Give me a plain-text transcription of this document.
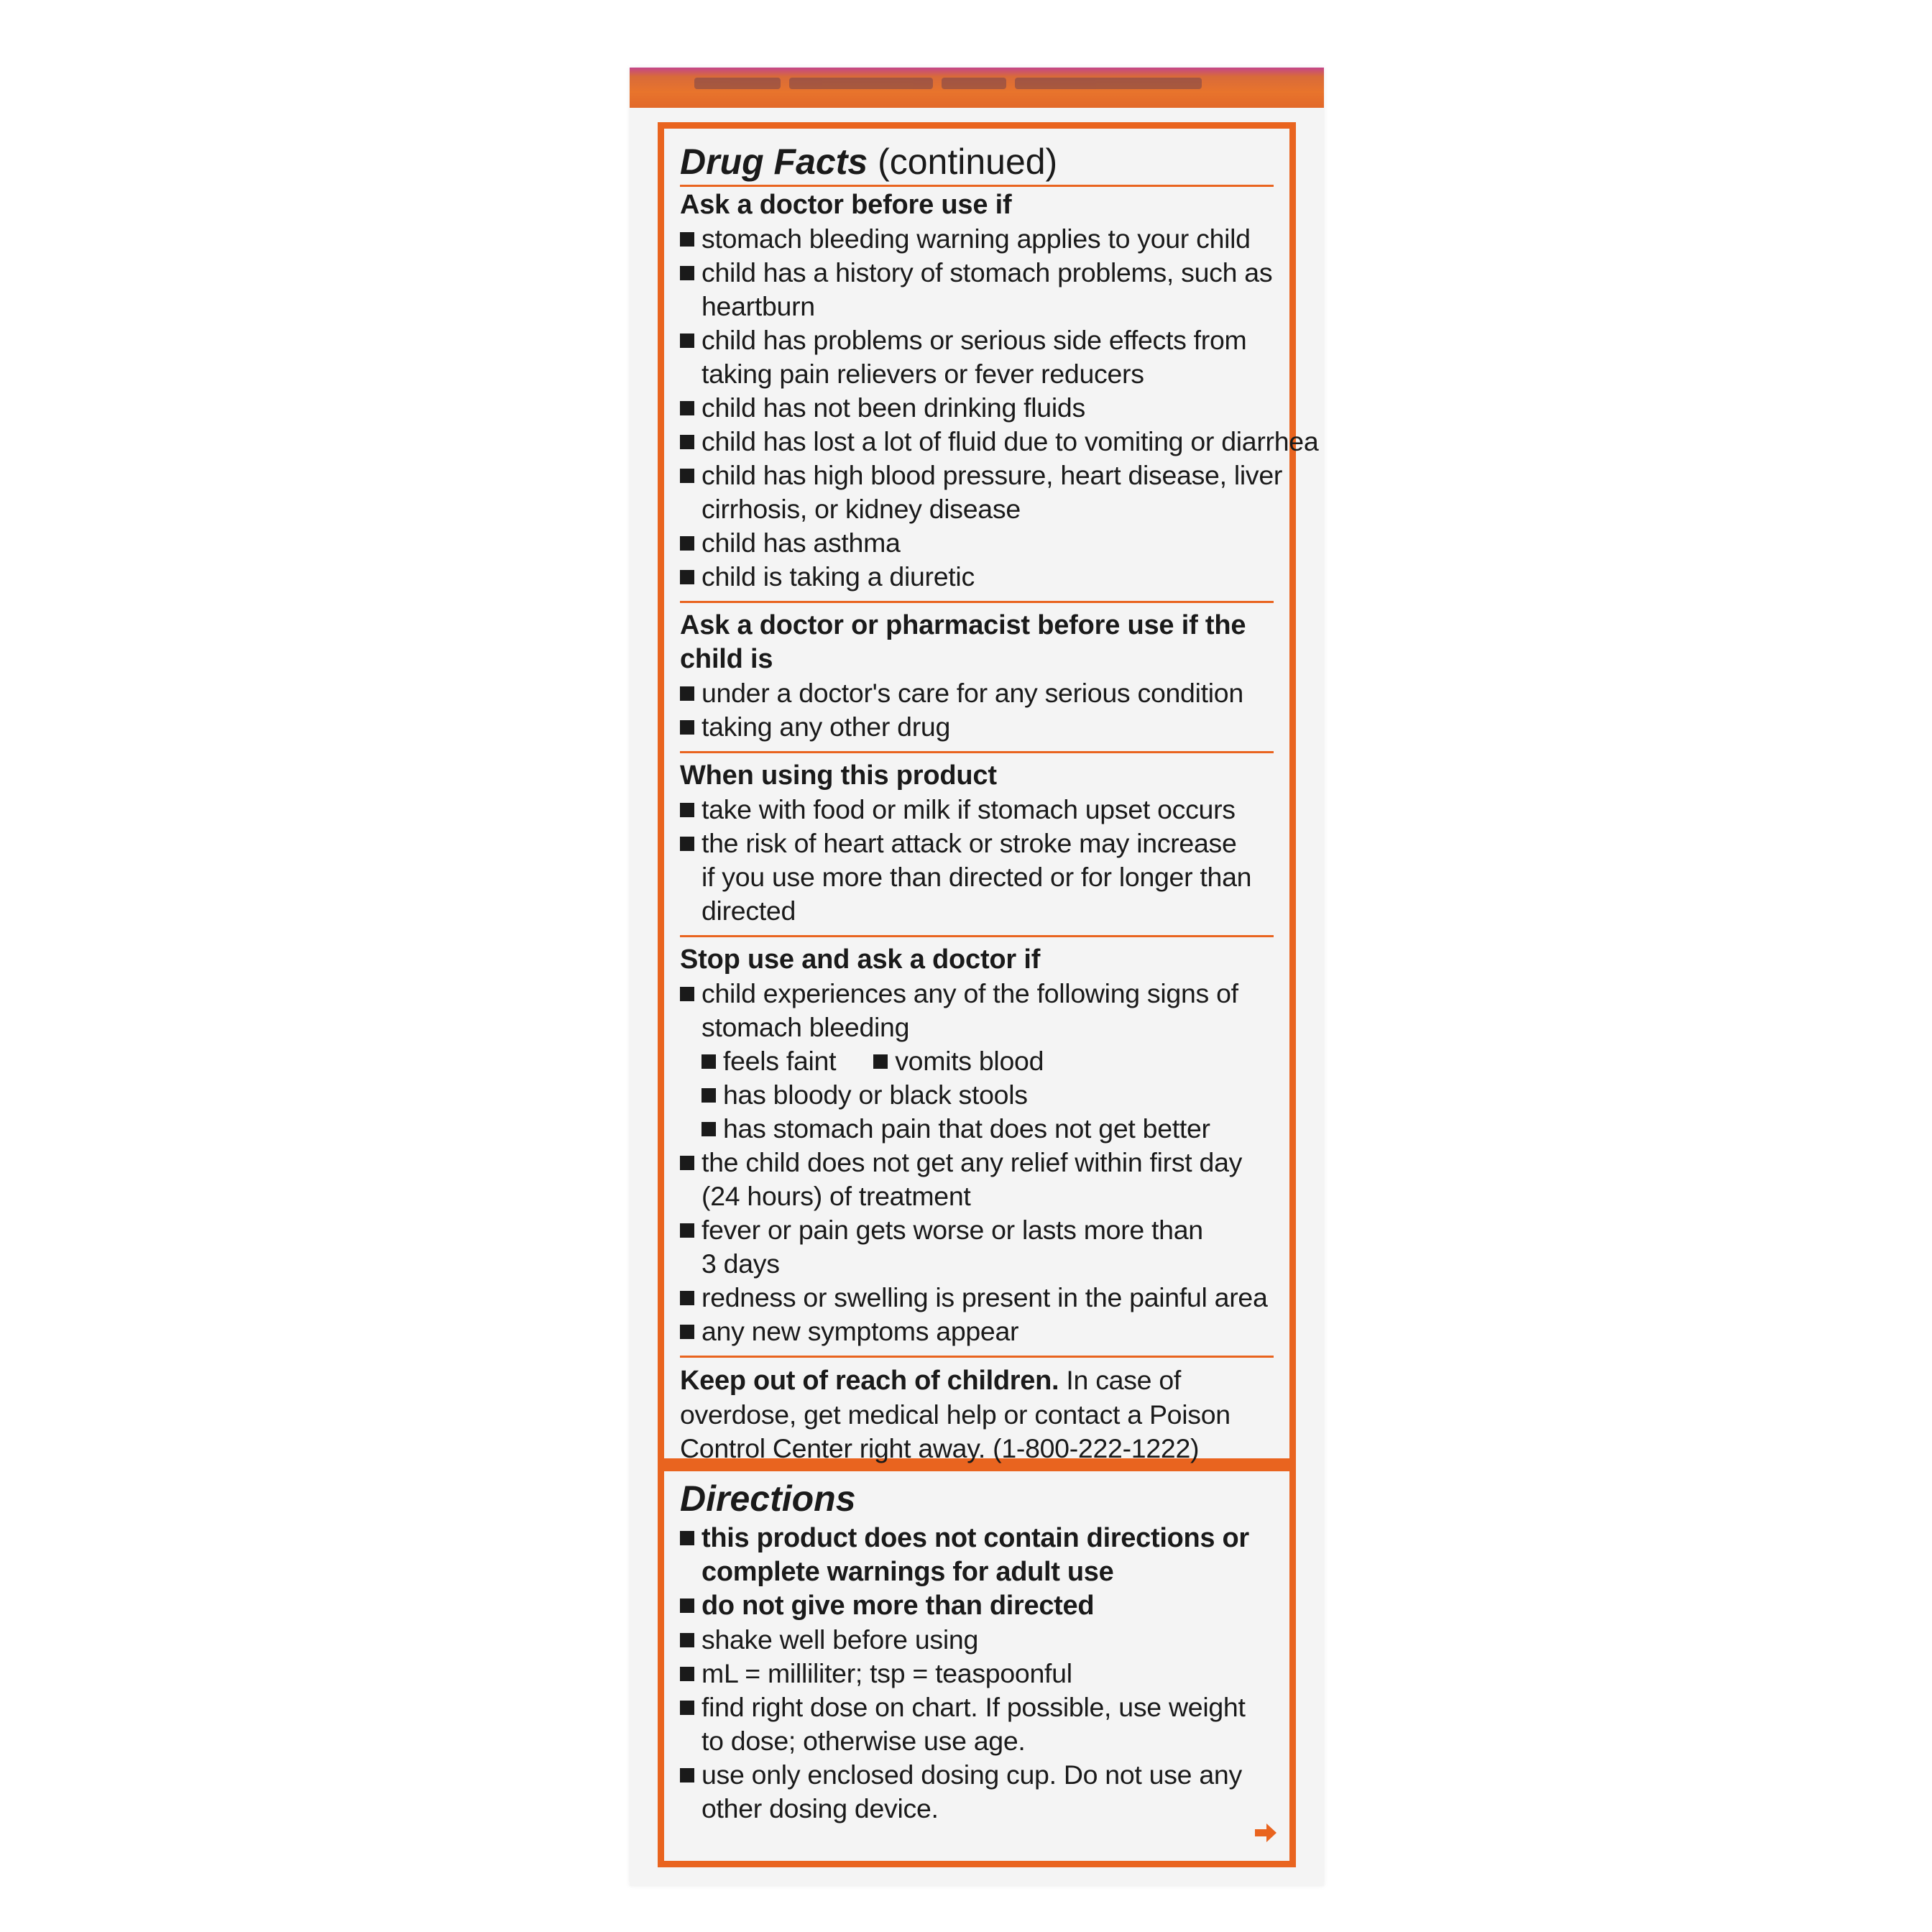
Drug Facts (continued)
Ask a doctor before use if
stomach bleeding warning applies to your child
child has a history of stomach problems, such as
heartburn
child has problems or serious side effects from
taking pain relievers or fever reducers
child has not been drinking fluids
child has lost a lot of fluid due to vomiting or diarrhea
child has high blood pressure, heart disease, liver
cirrhosis, or kidney disease
child has asthma
child is taking a diuretic
Ask a doctor or pharmacist before use if the
child is
under a doctor's care for any serious condition
taking any other drug
When using this product
take with food or milk if stomach upset occurs
the risk of heart attack or stroke may increase
if you use more than directed or for longer than
directed
Stop use and ask a doctor if
child experiences any of the following signs of
stomach bleeding
feels faint vomits blood
has bloody or black stools
has stomach pain that does not get better
the child does not get any relief within first day
(24 hours) of treatment
fever or pain gets worse or lasts more than
3 days
redness or swelling is present in the painful area
any new symptoms appear
Keep out of reach of children. In case of
overdose, get medical help or contact a Poison
Control Center right away. (1-800-222-1222)
Directions
this product does not contain directions or
complete warnings for adult use
do not give more than directed
shake well before using
mL = milliliter; tsp = teaspoonful
find right dose on chart. If possible, use weight
to dose; otherwise use age.
use only enclosed dosing cup. Do not use any
other dosing device.
